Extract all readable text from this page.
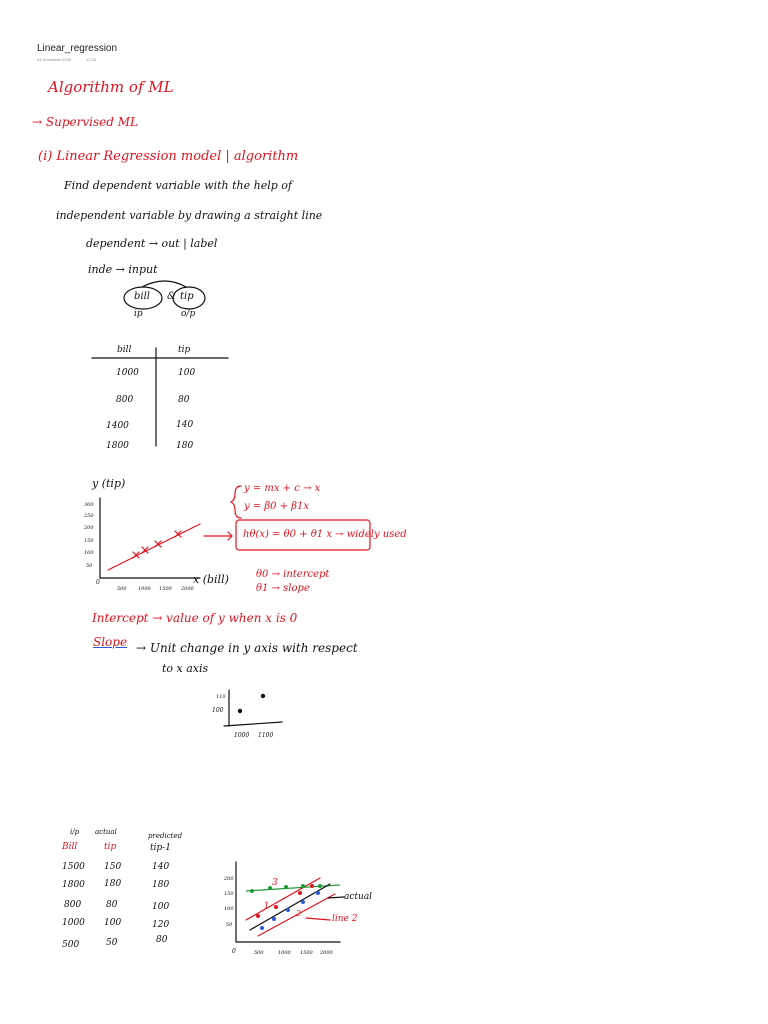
Linear_regression
04 November 2025	12:15
Algorithm of ML
→ Supervised ML
(i) Linear Regression model | algorithm
Find dependent variable with the help of
independent variable by drawing a straight line
dependent → out | label
inde → input
bill & tip
ip	o/p
bill	tip
1000	100
800	80
1400	140
1800	180
y (tip)
x (bill)
0
300
250
200
150
100
50
500 1000 1500 2000
y = mx + c → x
y = β0 + β1x
hθ(x) = θ0 + θ1 x → widely used
θ0 → intercept
θ1 → slope
Intercept → value of y when x is 0
Slope → Unit change in y axis with respect
to x axis
110
100
1000 1100
i/p actual	predicted
Bill	tip	tip-1
1500 150	140
1800 180	180
800	80	100
1000 100	120
500	50	80
0
200
150
100
50
500	1000 1500 2000
3
1
2
actual
line 2
